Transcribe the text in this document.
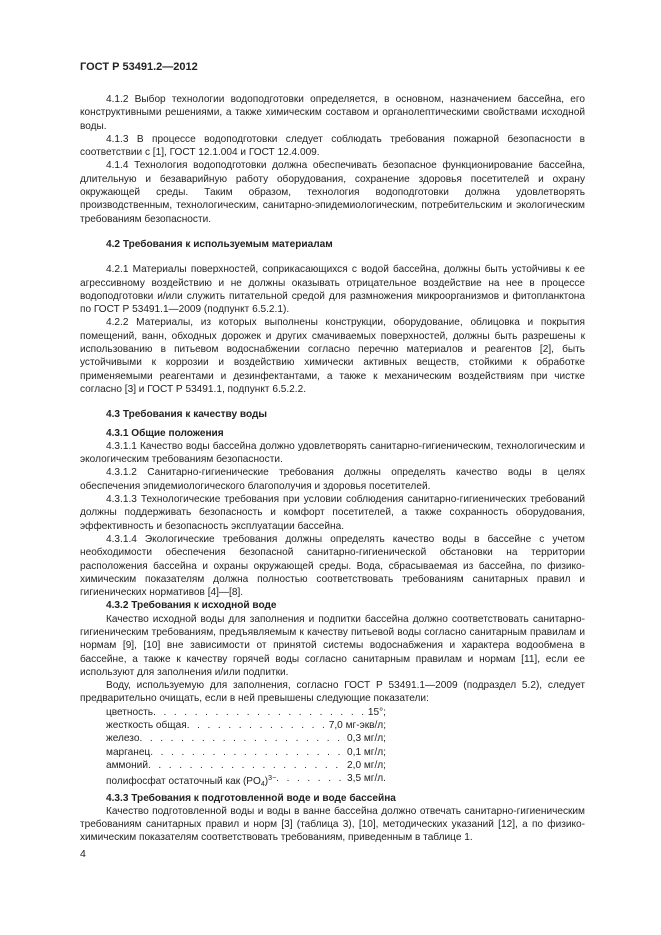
ГОСТ Р 53491.2—2012

4.1.2 Выбор технологии водоподготовки определяется, в основном, назначением бассейна, его конструктивными решениями, а также химическим составом и органолептическими свойствами исходной воды.

4.1.3 В процессе водоподготовки следует соблюдать требования пожарной безопасности в соответствии с [1], ГОСТ 12.1.004 и ГОСТ 12.4.009.

4.1.4 Технология водоподготовки должна обеспечивать безопасное функционирование бассейна, длительную и безаварийную работу оборудования, сохранение здоровья посетителей и охрану окружающей среды. Таким образом, технология водоподготовки должна удовлетворять производственным, технологическим, санитарно-эпидемиологическим, потребительским и экологическим требованиям безопасности.

4.2 Требования к используемым материалам

4.2.1 Материалы поверхностей, соприкасающихся с водой бассейна, должны быть устойчивы к ее агрессивному воздействию и не должны оказывать отрицательное воздействие на нее в процессе водоподготовки и/или служить питательной средой для размножения микроорганизмов и фитопланктона по ГОСТ Р 53491.1—2009 (подпункт 6.5.2.1).

4.2.2 Материалы, из которых выполнены конструкции, оборудование, облицовка и покрытия помещений, ванн, обходных дорожек и других смачиваемых поверхностей, должны быть разрешены к использованию в питьевом водоснабжении согласно перечню материалов и реагентов [2], быть устойчивыми к коррозии и воздействию химически активных веществ, стойкими к обработке применяемыми реагентами и дезинфектантами, а также к механическим воздействиям при чистке согласно [3] и ГОСТ Р 53491.1, подпункт 6.5.2.2.

4.3 Требования к качеству воды

4.3.1 Общие положения

4.3.1.1 Качество воды бассейна должно удовлетворять санитарно-гигиеническим, технологическим и экологическим требованиям безопасности.

4.3.1.2 Санитарно-гигиенические требования должны определять качество воды в целях обеспечения эпидемиологического благополучия и здоровья посетителей.

4.3.1.3 Технологические требования при условии соблюдения санитарно-гигиенических требований должны поддерживать безопасность и комфорт посетителей, а также сохранность оборудования, эффективность и безопасность эксплуатации бассейна.

4.3.1.4 Экологические требования должны определять качество воды в бассейне с учетом необходимости обеспечения безопасной санитарно-гигиенической обстановки на территории расположения бассейна и охраны окружающей среды. Вода, сбрасываемая из бассейна, по физико-химическим показателям должна полностью соответствовать требованиям санитарных правил и гигиенических нормативов [4]—[8].

4.3.2 Требования к исходной воде

Качество исходной воды для заполнения и подпитки бассейна должно соответствовать санитарно-гигиеническим требованиям, предъявляемым к качеству питьевой воды согласно санитарным правилам и нормам [9], [10] вне зависимости от принятой системы водоснабжения и характера водообмена в бассейне, а также к качеству горячей воды согласно санитарным правилам и нормам [11], если ее используют для заполнения и/или подпитки.

Воду, используемую для заполнения, согласно ГОСТ Р 53491.1—2009 (подраздел 5.2), следует предварительно очищать, если в ней превышены следующие показатели:

цветность . . .	15°;
жесткость общая . . .	7,0 мг-экв/л;
железо . . .	0,3 мг/л;
марганец . . .	0,1 мг/л;
аммоний . . .	2,0 мг/л;
полифосфат остаточный как $(PO_4)^{3-}$ . . .	3,5 мг/л.

4.3.3 Требования к подготовленной воде и воде бассейна

Качество подготовленной воды и воды в ванне бассейна должно отвечать санитарно-гигиеническим требованиям санитарных правил и норм [3] (таблица 3), [10], методических указаний [12], а по физико-химическим показателям соответствовать требованиям, приведенным в таблице 1.

4
